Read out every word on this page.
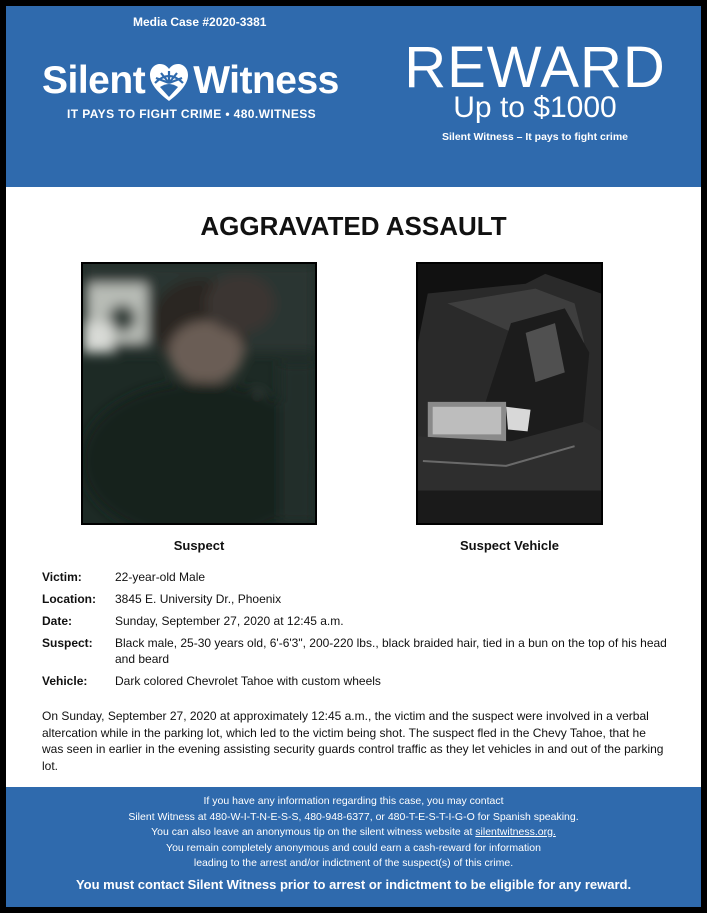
Media Case #2020-3381
Silent Witness
IT PAYS TO FIGHT CRIME • 480.WITNESS
REWARD
Up to $1000
Silent Witness – It pays to fight crime
AGGRAVATED ASSAULT
Suspect	Suspect Vehicle
Victim:	22-year-old Male
Location:	3845 E. University Dr., Phoenix
Date:	Sunday, September 27, 2020 at 12:45 a.m.
Suspect:	Black male, 25-30 years old, 6'-6'3", 200-220 lbs., black braided hair, tied in a bun on the top of his head and beard
Vehicle:	Dark colored Chevrolet Tahoe with custom wheels
On Sunday, September 27, 2020 at approximately 12:45 a.m., the victim and the suspect were involved in a verbal altercation while in the parking lot, which led to the victim being shot. The suspect fled in the Chevy Tahoe, that he was seen in earlier in the evening assisting security guards control traffic as they let vehicles in and out of the parking lot.
If you have any information regarding this case, you may contact
Silent Witness at 480-W-I-T-N-E-S-S, 480-948-6377, or 480-T-E-S-T-I-G-O for Spanish speaking.
You can also leave an anonymous tip on the silent witness website at silentwitness.org.
You remain completely anonymous and could earn a cash-reward for information
leading to the arrest and/or indictment of the suspect(s) of this crime.
You must contact Silent Witness prior to arrest or indictment to be eligible for any reward.
